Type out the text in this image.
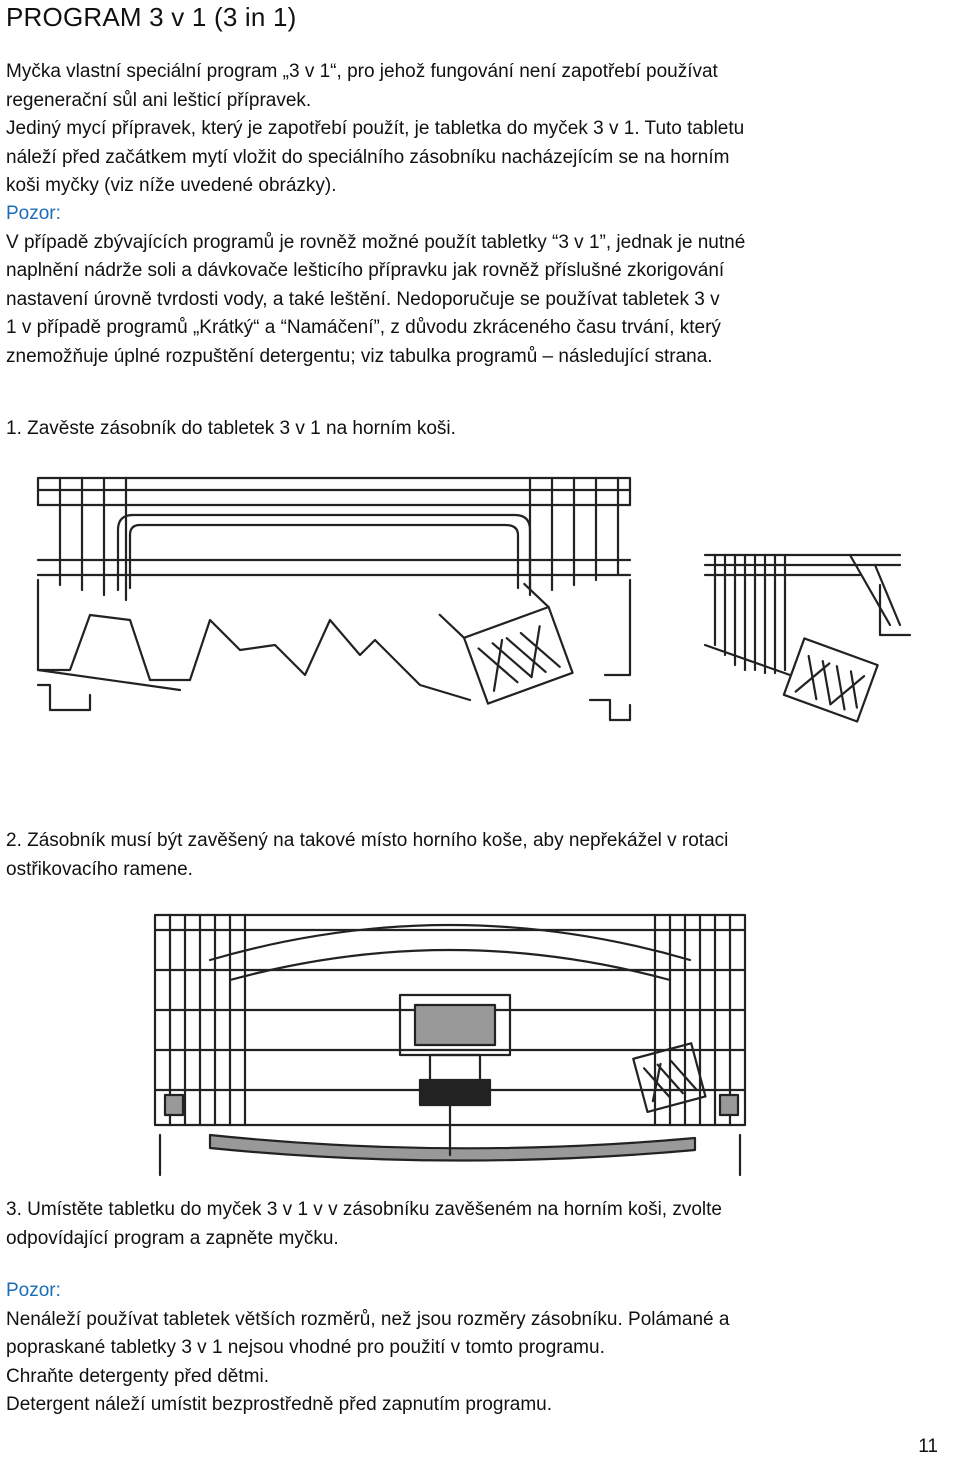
PROGRAM 3 v 1 (3 in 1)
Myčka vlastní speciální program „3 v 1“, pro jehož fungování není zapotřebí používat
regenerační sůl ani lešticí přípravek.
Jediný mycí přípravek, který je zapotřebí použít, je tabletka do myček 3 v 1. Tuto tabletu
náleží před začátkem mytí vložit do speciálního zásobníku nacházejícím se na horním
koši myčky (viz níže uvedené obrázky).
Pozor:
V případě zbývajících programů je rovněž možné použít tabletky “3 v 1”, jednak je nutné
naplnění nádrže soli a dávkovače lešticího přípravku jak rovněž příslušné zkorigování
nastavení úrovně tvrdosti vody, a také leštění. Nedoporučuje se používat tabletek 3 v
1 v případě programů „Krátký“ a “Namáčení”, z důvodu zkráceného času trvání, který
znemožňuje úplné rozpuštění detergentu; viz tabulka programů – následující strana.
1. Zavěste zásobník do tabletek 3 v 1 na horním koši.
2. Zásobník musí být zavěšený na takové místo horního koše, aby nepřekážel v rotaci
ostřikovacího ramene.
3. Umístěte tabletku do myček 3 v 1 v v zásobníku zavěšeném na horním koši, zvolte
odpovídající program a zapněte myčku.
Pozor:
Nenáleží používat tabletek větších rozměrů, než jsou rozměry zásobníku. Polámané a
popraskané tabletky 3 v 1 nejsou vhodné pro použití v tomto programu.
Chraňte detergenty před dětmi.
Detergent náleží umístit bezprostředně před zapnutím programu.
11
